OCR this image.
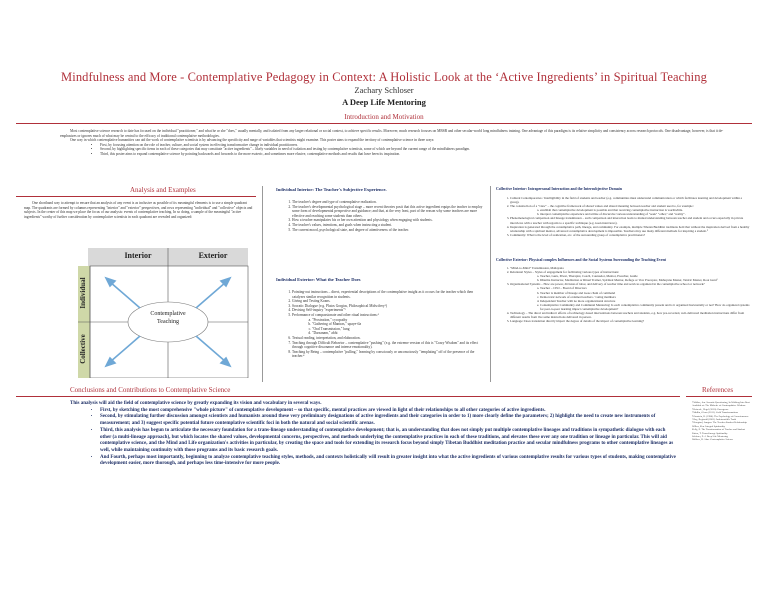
Mindfulness and More - Contemplative Pedagogy in Context: A Holistic Look at the ‘Active Ingredients’ in Spiritual Teaching
Zachary Schloser
A Deep Life Mentoring
Introduction and Motivation
Most contemplative science research to date has focused on the individual "practitioner," and what he or she "does," usually mentally, and isolated from any larger relational or social context, to achieve specific results. Moreover, much research focuses on MBSR and other secular-world long mindfulness training. One advantage of this paradigm is its relative simplicity and consistency across research protocols. One disadvantage, however, is that it de-emphasizes or ignores much of what may be central to the efficacy of traditional contemplative methodologies.
One way in which contemplative humanities can aid the work of contemplative scientists is by advancing the specificity and range of variables that scientists might examine. This poster aims to expand the territory of contemplative science in three ways:
• First, by focusing attention on the role of teacher, culture, and social system in effecting transformative change in individual practitioners.
• Second, by highlighting specific items in each of these categories that may constitute "active ingredients" – likely variables in need of isolation and testing by contemplative scientists, some of which are beyond the current range of the mindfulness paradigm.
• Third, this poster aims to expand contemplative science by pointing backwards and forwards to the more esoteric, and sometimes more elusive, contemplative methods and results that have been its inspiration.
Analysis and Examples
One shorthand way to attempt to ensure that an analysis of any event is as inclusive as possible of its meaningful elements is to use a simple quadrant map. The quadrants are formed by columns representing "interior" and "exterior" perspectives, and rows representing "individual" and "collective" objects and subjects. In the center of this map we place the focus of our analysis: events of contemplative teaching. In so doing, a sample of the meaningful "active ingredients" worthy of further consideration by contemplative scientists in each quadrant are revealed and organized:
Interior	Exterior
Individual
Collective
Contemplative
Teaching
Individual Interior: The Teacher's Subjective Experience.
1. The teacher's degree and type of contemplative realization.
2. The teacher's developmental psychological stage – more recent theories posit that this active ingredient equips the teacher to employ some form of developmental perspective and guidance; and that, at the very least, part of the reason why some teachers are more effective and reaching some students than others.
3. How a teacher manipulates his or her own attention and physiology when engaging with students.
4. The teacher's values, intentions, and goals when instructing a student.
5. The current mood, psychological state, and degree of attentiveness of the teacher.
Individual Exterior: What the Teacher Does
1. Pointing-out instructions – direct, experiential descriptions of the contemplative insight as it occurs for the teacher which then catalyzes similar recognition in students.
2. Giving and Testing Koans.
3. Socratic Dialogue (e.g. Platos Gorgias, Philosophical Midwifery¹)
4. Devising Self-inquiry "experiments"²
5. Performance of compassionate and other ritual instructions:³
a. "Prostration," cycopathy
b. "Gathering of Mantras," upaye-tla
c. "Oral Transmission," lung
d. "Darsanam," abhi
6. Textual reading, interpretation, and elaboration.
7. Teaching through Difficult Behavior – contemplative "pushing" (e.g. the extreme version of this is "Crazy Wisdom" and its effect through cognitive dissonance and intense emotionality).
8. Teaching by Being – contemplative "pulling," learning by consciously or unconsciously "templating" off of the presence of the teacher.⁴
Collective Interior: Intrapersonal Interaction and the Intersubjective Domain
1. Cultural Contemporaries / Intelligibility in the field of students and teacher (e.g. communities must understand communication or which facilitates learning and development within a group).
2. The construction of a "view" – the cognitive framework of shared values and shared meaning between teacher and student used to, for example:
a. establish that contemplative development is possible and that receiving contemplative instruction is worthwhile.
b. interpret contemplative experience and utilize of discursive various understanding of "seek" "other," and "reality".
3. Phenomenological comparison and lineage transmission – such comparison and interaction leads to mutual understanding between teacher and student and occurs especially in private interviews with a teacher with regards to a specific technique (e.g. koan interviews).
4. Inspiration is generated through the contemplative path, lineage, and community. For example, multiple Tibetan Buddhist traditions hold that without the inspiration derived from a healthy relationship with a spiritual mentor, advanced contemplative development is impossible. Teachers may use many different methods for inspiring a student.⁵
5. Community: What is the level of realization, etc. of the surrounding group of contemplative practitioners?
Collective Exterior: Physical complex Influences and the Social Systems Surrounding the Teaching Event
1. "Mind-to-Mind" Transmission, Mahayana
2. Relational Styles – Styles of engagement for facilitating various types of instructions:
a. Teacher, Guru, Priest, Therapist, Coach, Counselor, Mentor, Preacher, Guide
b. Dharma Instructor, Meditation or Ritual Trainer, Spiritual Mentor, Refuge or Vow Preceptor, Mahayana Master, Tantric Master, Root Guru⁶
3. Organizational Systems – How are power, division of labor, and delivery of teacher time and services organized in the contemplative school or network?
a. Teacher – CEO – Board of Directors
b. Teacher is member of lineage and loose chain of command
c. Democratic network of ordained teachers / voting members
d. Independent Teacher with no more organizational structure
e. Contemplative Community and Communal Mentoring: Is each contemplative community present and is it organized horizontally or not? How do organized systems for peer-to-peer learning impact contemplative development?
4. Technology – The direct and indirect effects of technology-based interventions between teachers and students, e.g. how pre-recorded, web-delivered meditation instructions differ from different results from live same instructions delivered in person.
5. Language: Does translation directly impact the degree of details of the impact of contemplative learning?
Conclusions and Contributions to Contemplative Science
This analysis will aid the field of contemplative science by greatly expanding its vision and vocabulary in several ways.
• First, by sketching the most comprehensive "whole picture" of contemplative development – so that specific, mental practices are viewed in light of their relationships to all other categories of active ingredients.
• Second, by stimulating further discussion amongst scientists and humanists around these very preliminary designations of active ingredients and their categories in order to 1) more clearly define the parameters; 2) highlight the need to create new instruments of measurement; and 3) suggest specific potential future contemplative scientific foci in both the natural and social scientific arenas.
• Third, this analysis has begun to articulate the necessary foundation for a trans-lineage understanding of contemplative development; that is, an understanding that does not simply put multiple contemplative lineages and traditions in sympathetic dialogue with each other (a multi-lineage approach), but which locates the shared values, developmental concerns, perspectives, and methods underlying the contemplative practices in each of these traditions, and elevates these over any one tradition or lineage in particular. This will aid contemplative science, and the Mind and Life organization's activities in particular, by creating the space and tools for extending its research focus beyond simply Tibetan Buddhist meditation practice and secular mindfulness programs to other contemplative lineages as well, while maintaining continuity with those programs and its basic research goals.
• And Fourth, perhaps most importantly, beginning to analyze contemplative teaching styles, methods, and contexts holistically will result in greater insight into what the active ingredients of various contemplative results for various types of students, making contemplative development easier, more thorough, and perhaps less time-intensive for more people.
References
¹ Walker, Jon. Socratic Questioning, In Walking Into Rust
Available at: The Midwife of Contemplative Wisdom
² Brizeale, Hegel (2010). Emergence
³ Mullin, Glenn (2011). Gold Transformations
⁴ Ornstein, R. (1986). The Psychology of Consciousness
⁵ Ray, Reginald (2001). Indestructible Truth
⁶ Kongtrul, Jamgon. The Teacher-Student Relationship
Wilber, Ken. Integral Spirituality
Kelly, E. The Transformation of Teacher and Student
Patten, T. Trans-lineage Spirituality
Schloser, Z. A Deep Life Mentoring
Wallace, B. Alan. Contemplative Science
